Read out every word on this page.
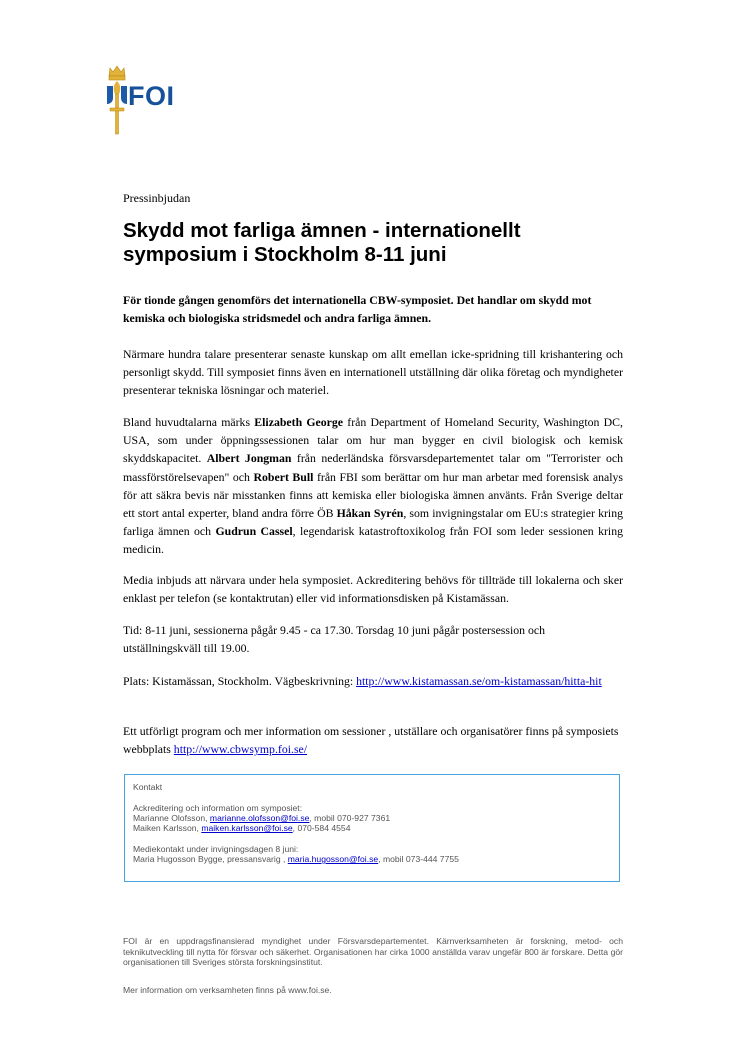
FOI
Pressinbjudan
Skydd mot farliga ämnen - internationellt symposium i Stockholm 8-11 juni

För tionde gången genomförs det internationella CBW-symposiet. Det handlar om skydd mot kemiska och biologiska stridsmedel och andra farliga ämnen.

Närmare hundra talare presenterar senaste kunskap om allt emellan icke-spridning till krishantering och personligt skydd. Till symposiet finns även en internationell utställning där olika företag och myndigheter presenterar tekniska lösningar och materiel.

Bland huvudtalarna märks Elizabeth George från Department of Homeland Security, Washington DC, USA, som under öppningssessionen talar om hur man bygger en civil biologisk och kemisk skyddskapacitet. Albert Jongman från nederländska försvarsdepartementet talar om "Terrorister och massförstörelsevapen" och Robert Bull från FBI som berättar om hur man arbetar med forensisk analys för att säkra bevis när misstanken finns att kemiska eller biologiska ämnen använts. Från Sverige deltar ett stort antal experter, bland andra förre ÖB Håkan Syrén, som invigningstalar om EU:s strategier kring farliga ämnen och Gudrun Cassel, legendarisk katastroftoxikolog från FOI som leder sessionen kring medicin.

Media inbjuds att närvara under hela symposiet. Ackreditering behövs för tillträde till lokalerna och sker enklast per telefon (se kontaktrutan) eller vid informationsdisken på Kistamässan.

Tid: 8-11 juni, sessionerna pågår 9.45 - ca 17.30. Torsdag 10 juni pågår postersession och utställningskväll till 19.00.

Plats: Kistamässan, Stockholm. Vägbeskrivning: http://www.kistamassan.se/om-kistamassan/hitta-hit

Ett utförligt program och mer information om sessioner , utställare och organisatörer finns på symposiets webbplats http://www.cbwsymp.foi.se/

Kontakt
Ackreditering och information om symposiet:
Marianne Olofsson, marianne.olofsson@foi.se, mobil 070-927 7361
Maiken Karlsson, maiken.karlsson@foi.se, 070-584 4554
Mediekontakt under invigningsdagen 8 juni:
Maria Hugosson Bygge, pressansvarig , maria.hugosson@foi.se, mobil 073-444 7755
FOI är en uppdragsfinansierad myndighet under Försvarsdepartementet. Kärnverksamheten är forskning, metod- och teknikutveckling till nytta för försvar och säkerhet. Organisationen har cirka 1000 anställda varav ungefär 800 är forskare. Detta gör organisationen till Sveriges största forskningsinstitut.
Mer information om verksamheten finns på www.foi.se.
